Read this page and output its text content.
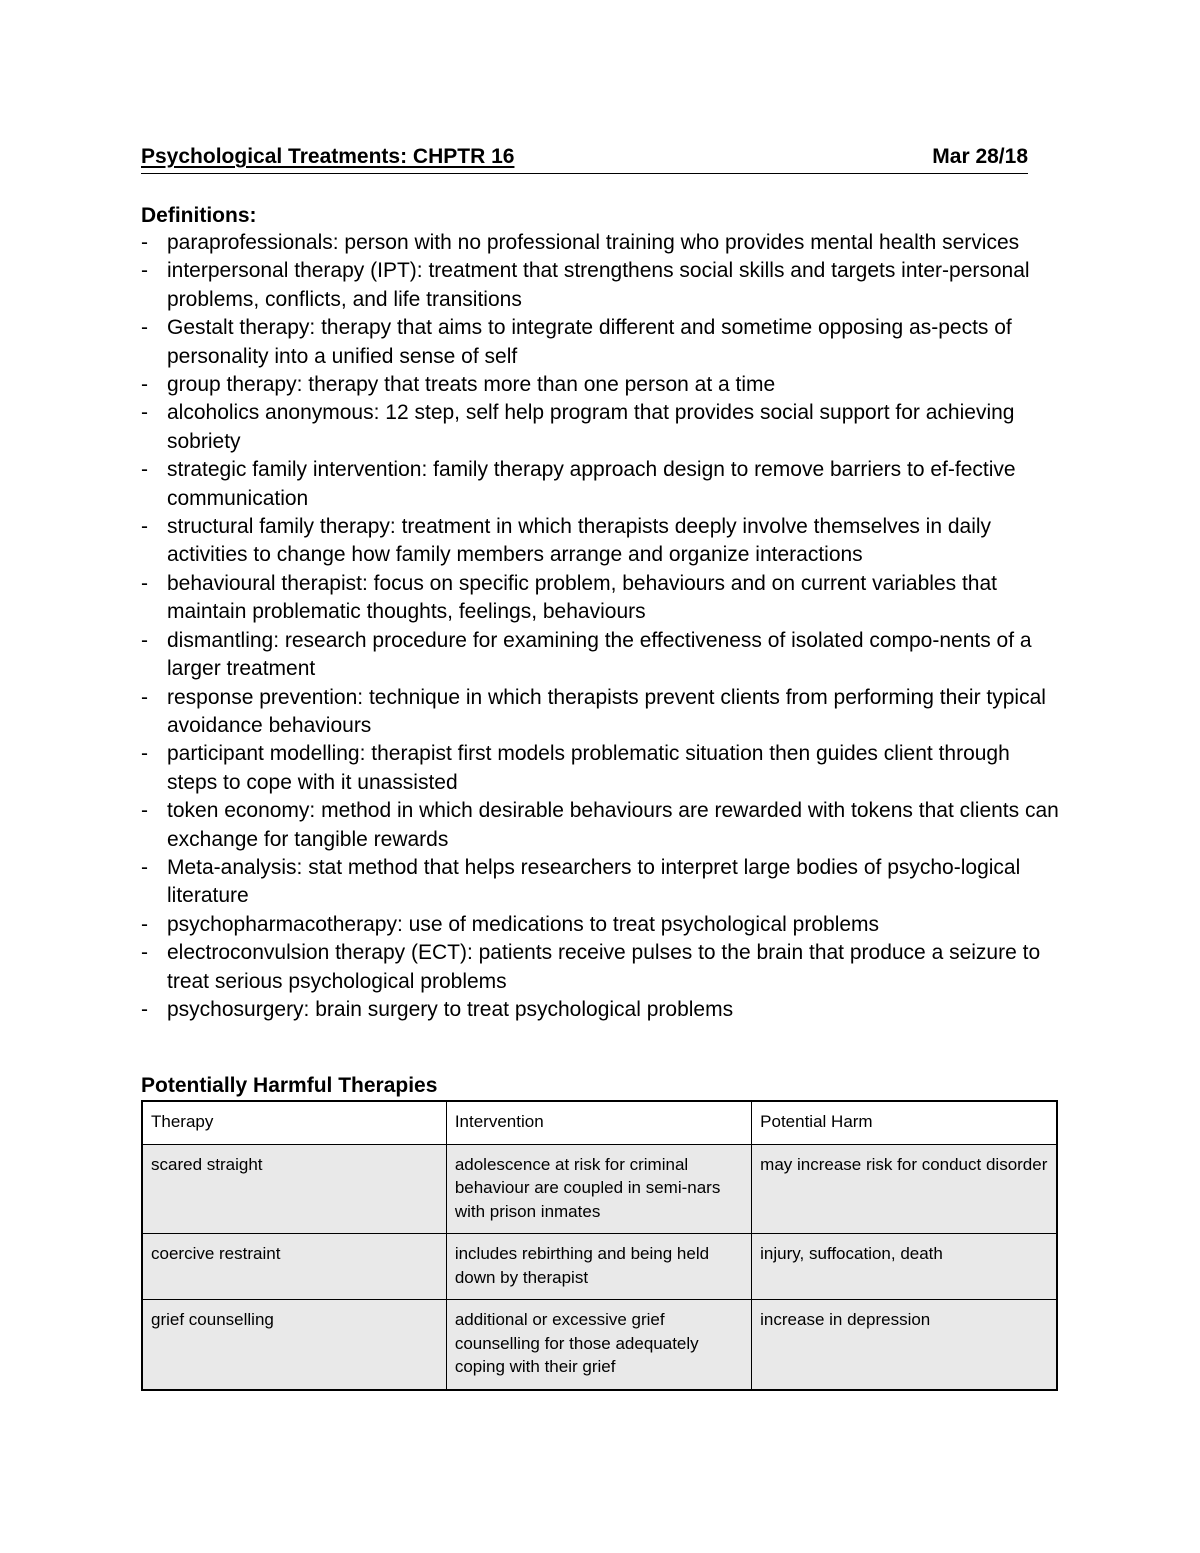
Psychological Treatments: CHPTR 16	Mar 28/18
Definitions:
- paraprofessionals: person with no professional training who provides mental health services
- interpersonal therapy (IPT): treatment that strengthens social skills and targets inter-personal problems, conflicts, and life transitions
- Gestalt therapy: therapy that aims to integrate different and sometime opposing as-pects of personality into a unified sense of self
- group therapy: therapy that treats more than one person at a time
- alcoholics anonymous: 12 step, self help program that provides social support for achieving sobriety
- strategic family intervention: family therapy approach design to remove barriers to ef-fective communication
- structural family therapy: treatment in which therapists deeply involve themselves in daily activities to change how family members arrange and organize interactions
- behavioural therapist: focus on specific problem, behaviours and on current variables that maintain problematic thoughts, feelings, behaviours
- dismantling: research procedure for examining the effectiveness of isolated compo-nents of a larger treatment
- response prevention: technique in which therapists prevent clients from performing their typical avoidance behaviours
- participant modelling: therapist first models problematic situation then guides client through steps to cope with it unassisted
- token economy: method in which desirable behaviours are rewarded with tokens that clients can exchange for tangible rewards
- Meta-analysis: stat method that helps researchers to interpret large bodies of psycho-logical literature
- psychopharmacotherapy: use of medications to treat psychological problems
- electroconvulsion therapy (ECT): patients receive pulses to the brain that produce a seizure to treat serious psychological problems
- psychosurgery: brain surgery to treat psychological problems
Potentially Harmful Therapies
Therapy	Intervention	Potential Harm
scared straight	adolescence at risk for criminal behaviour are coupled in semi-nars with prison inmates	may increase risk for conduct disorder
coercive restraint	includes rebirthing and being held down by therapist	injury, suffocation, death
grief counselling	additional or excessive grief counselling for those adequately coping with their grief	increase in depression
